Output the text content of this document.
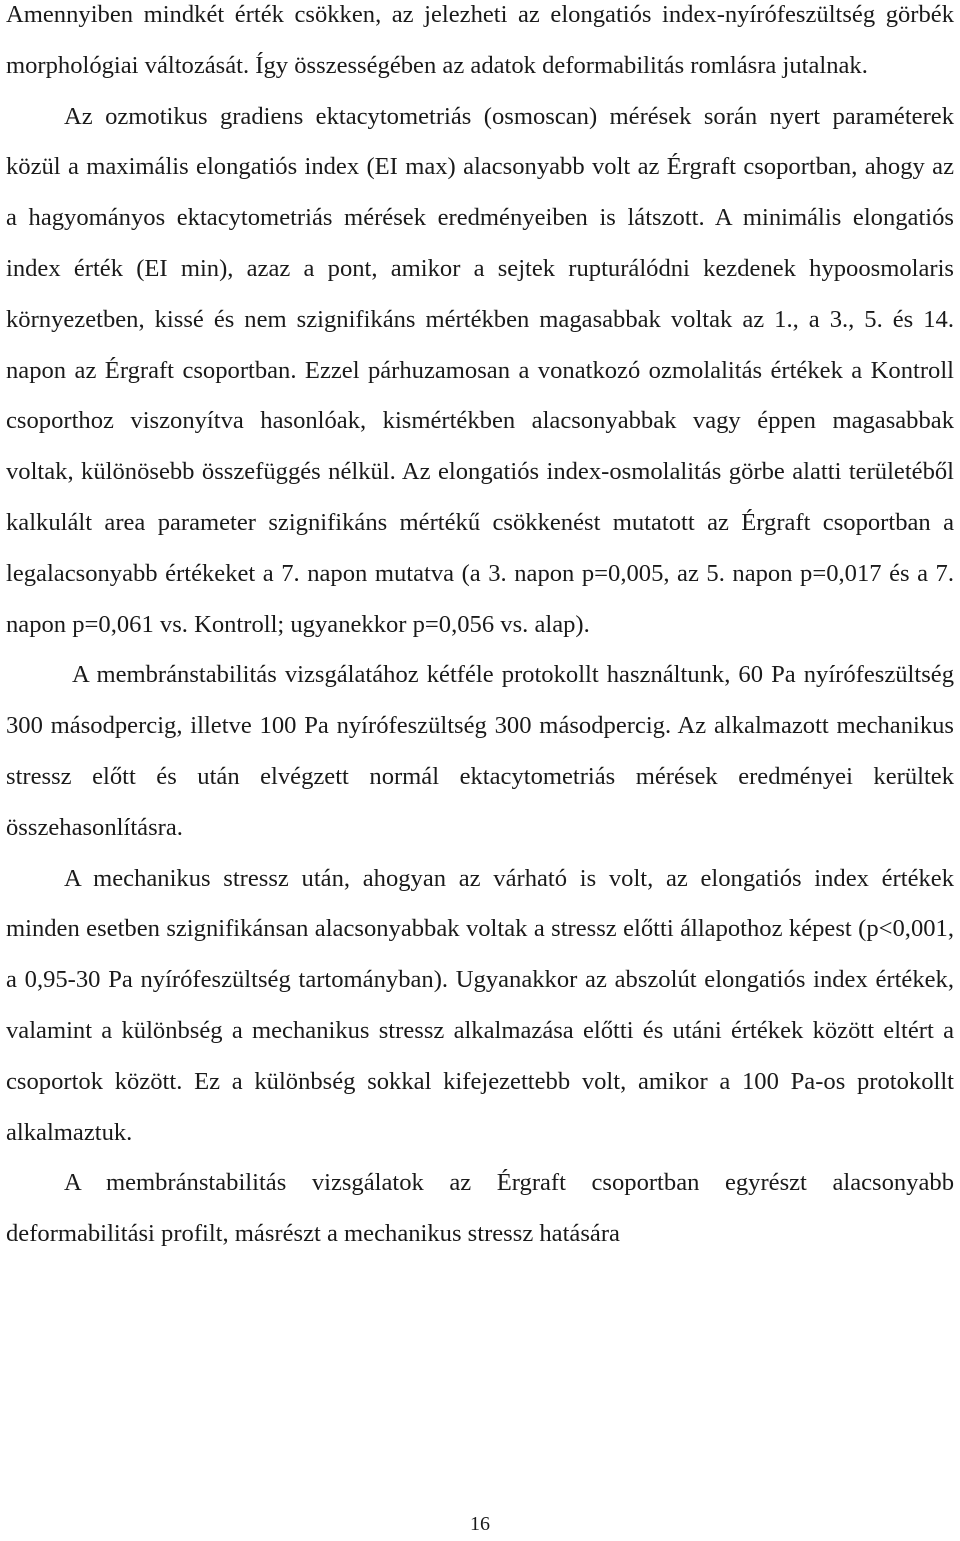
Amennyiben mindkét érték csökken, az jelezheti az elongatiós index-nyírófeszültség görbék morphológiai változását. Így összességében az adatok deformabilitás romlásra jutalnak.

Az ozmotikus gradiens ektacytometriás (osmoscan) mérések során nyert paraméterek közül a maximális elongatiós index (EI max) alacsonyabb volt az Érgraft csoportban, ahogy az a hagyományos ektacytometriás mérések eredményeiben is látszott. A minimális elongatiós index érték (EI min), azaz a pont, amikor a sejtek rupturálódni kezdenek hypoosmolaris környezetben, kissé és nem szignifikáns mértékben magasabbak voltak az 1., a 3., 5. és 14. napon az Érgraft csoportban. Ezzel párhuzamosan a vonatkozó ozmolalitás értékek a Kontroll csoporthoz viszonyítva hasonlóak, kismértékben alacsonyabbak vagy éppen magasabbak voltak, különösebb összefüggés nélkül. Az elongatiós index-osmolalitás görbe alatti területéből kalkulált area parameter szignifikáns mértékű csökkenést mutatott az Érgraft csoportban a legalacsonyabb értékeket a 7. napon mutatva (a 3. napon p=0,005, az 5. napon p=0,017 és a 7. napon p=0,061 vs. Kontroll; ugyanekkor p=0,056 vs. alap).

A membránstabilitás vizsgálatához kétféle protokollt használtunk, 60 Pa nyírófeszültség 300 másodpercig, illetve 100 Pa nyírófeszültség 300 másodpercig. Az alkalmazott mechanikus stressz előtt és után elvégzett normál ektacytometriás mérések eredményei kerültek összehasonlításra.

A mechanikus stressz után, ahogyan az várható is volt, az elongatiós index értékek minden esetben szignifikánsan alacsonyabbak voltak a stressz előtti állapothoz képest (p<0,001, a 0,95-30 Pa nyírófeszültség tartományban). Ugyanakkor az abszolút elongatiós index értékek, valamint a különbség a mechanikus stressz alkalmazása előtti és utáni értékek között eltért a csoportok között. Ez a különbség sokkal kifejezettebb volt, amikor a 100 Pa-os protokollt alkalmaztuk.

A membránstabilitás vizsgálatok az Érgraft csoportban egyrészt alacsonyabb deformabilitási profilt, másrészt a mechanikus stressz hatására

16
